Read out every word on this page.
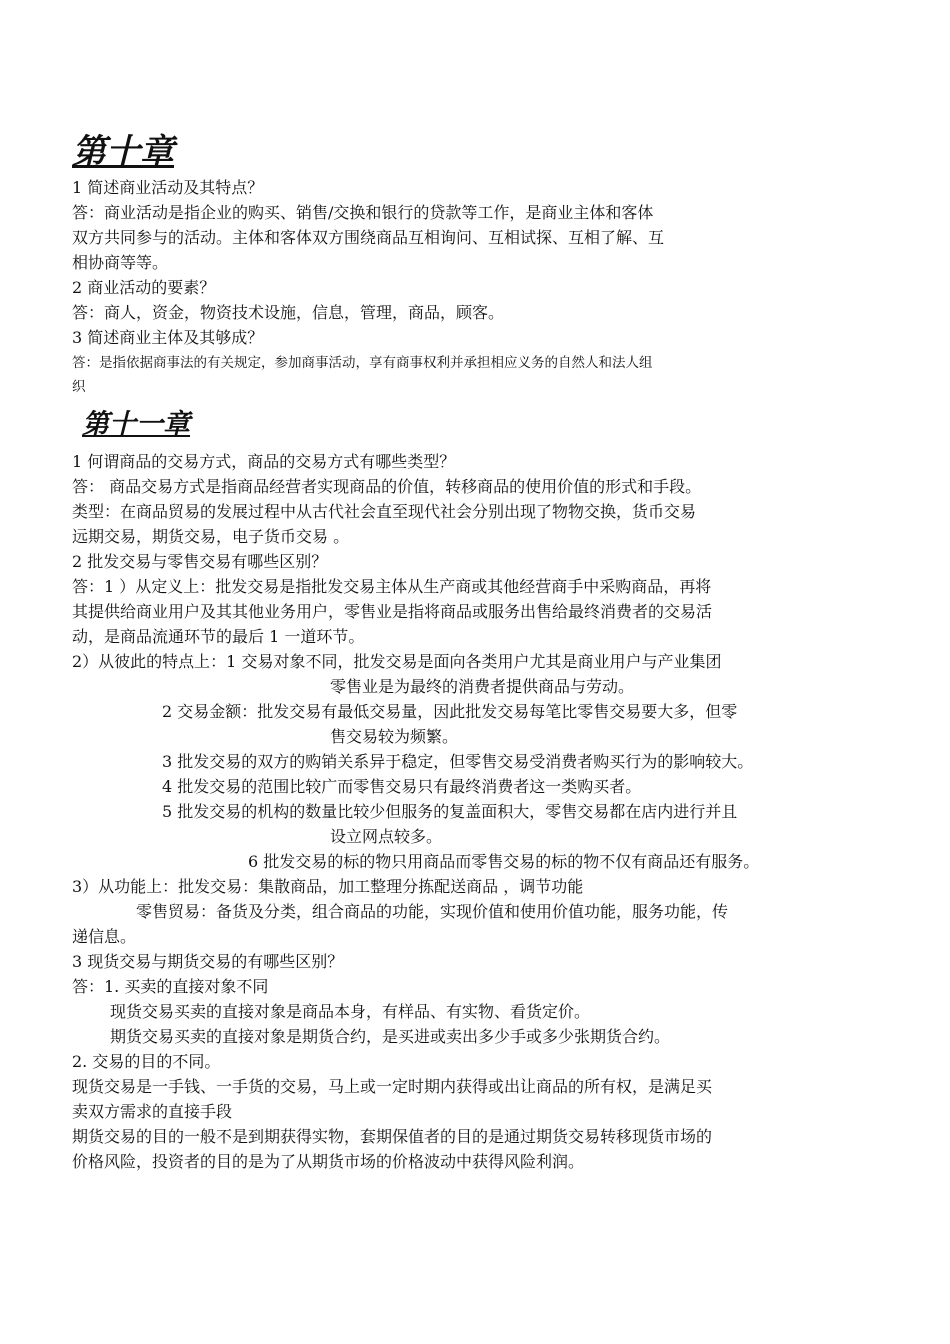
第十章
1 简述商业活动及其特点？
答：商业活动是指企业的购买、销售/交换和银行的贷款等工作，是商业主体和客体
双方共同参与的活动。主体和客体双方围绕商品互相询问、互相试探、互相了解、互
相协商等等。
2 商业活动的要素？
答：商人，资金，物资技术设施，信息，管理，商品，顾客。
3 简述商业主体及其够成？
答：是指依据商事法的有关规定，参加商事活动，享有商事权利并承担相应义务的自然人和法人组
织
第十一章
1 何谓商品的交易方式，商品的交易方式有哪些类型？
答： 商品交易方式是指商品经营者实现商品的价值，转移商品的使用价值的形式和手段。
类型：在商品贸易的发展过程中从古代社会直至现代社会分别出现了物物交换，货币交易
远期交易，期货交易，电子货币交易 。
2 批发交易与零售交易有哪些区别？
答：1 ）从定义上：批发交易是指批发交易主体从生产商或其他经营商手中采购商品，再将
其提供给商业用户及其其他业务用户，零售业是指将商品或服务出售给最终消费者的交易活
动，是商品流通环节的最后 1 一道环节。
2）从彼此的特点上：1 交易对象不同，批发交易是面向各类用户尤其是商业用户与产业集团
零售业是为最终的消费者提供商品与劳动。
2 交易金额：批发交易有最低交易量，因此批发交易每笔比零售交易要大多，但零
售交易较为频繁。
3 批发交易的双方的购销关系异于稳定，但零售交易受消费者购买行为的影响较大。
4 批发交易的范围比较广而零售交易只有最终消费者这一类购买者。
5 批发交易的机构的数量比较少但服务的复盖面积大，零售交易都在店内进行并且
设立网点较多。
6 批发交易的标的物只用商品而零售交易的标的物不仅有商品还有服务。
3）从功能上：批发交易：集散商品，加工整理分拣配送商品 ，调节功能
零售贸易：备货及分类，组合商品的功能，实现价值和使用价值功能，服务功能，传
递信息。
3 现货交易与期货交易的有哪些区别？
答：1. 买卖的直接对象不同
现货交易买卖的直接对象是商品本身，有样品、有实物、看货定价。
期货交易买卖的直接对象是期货合约，是买进或卖出多少手或多少张期货合约。
2. 交易的目的不同。
现货交易是一手钱、一手货的交易，马上或一定时期内获得或出让商品的所有权，是满足买
卖双方需求的直接手段
期货交易的目的一般不是到期获得实物，套期保值者的目的是通过期货交易转移现货市场的
价格风险，投资者的目的是为了从期货市场的价格波动中获得风险利润。
